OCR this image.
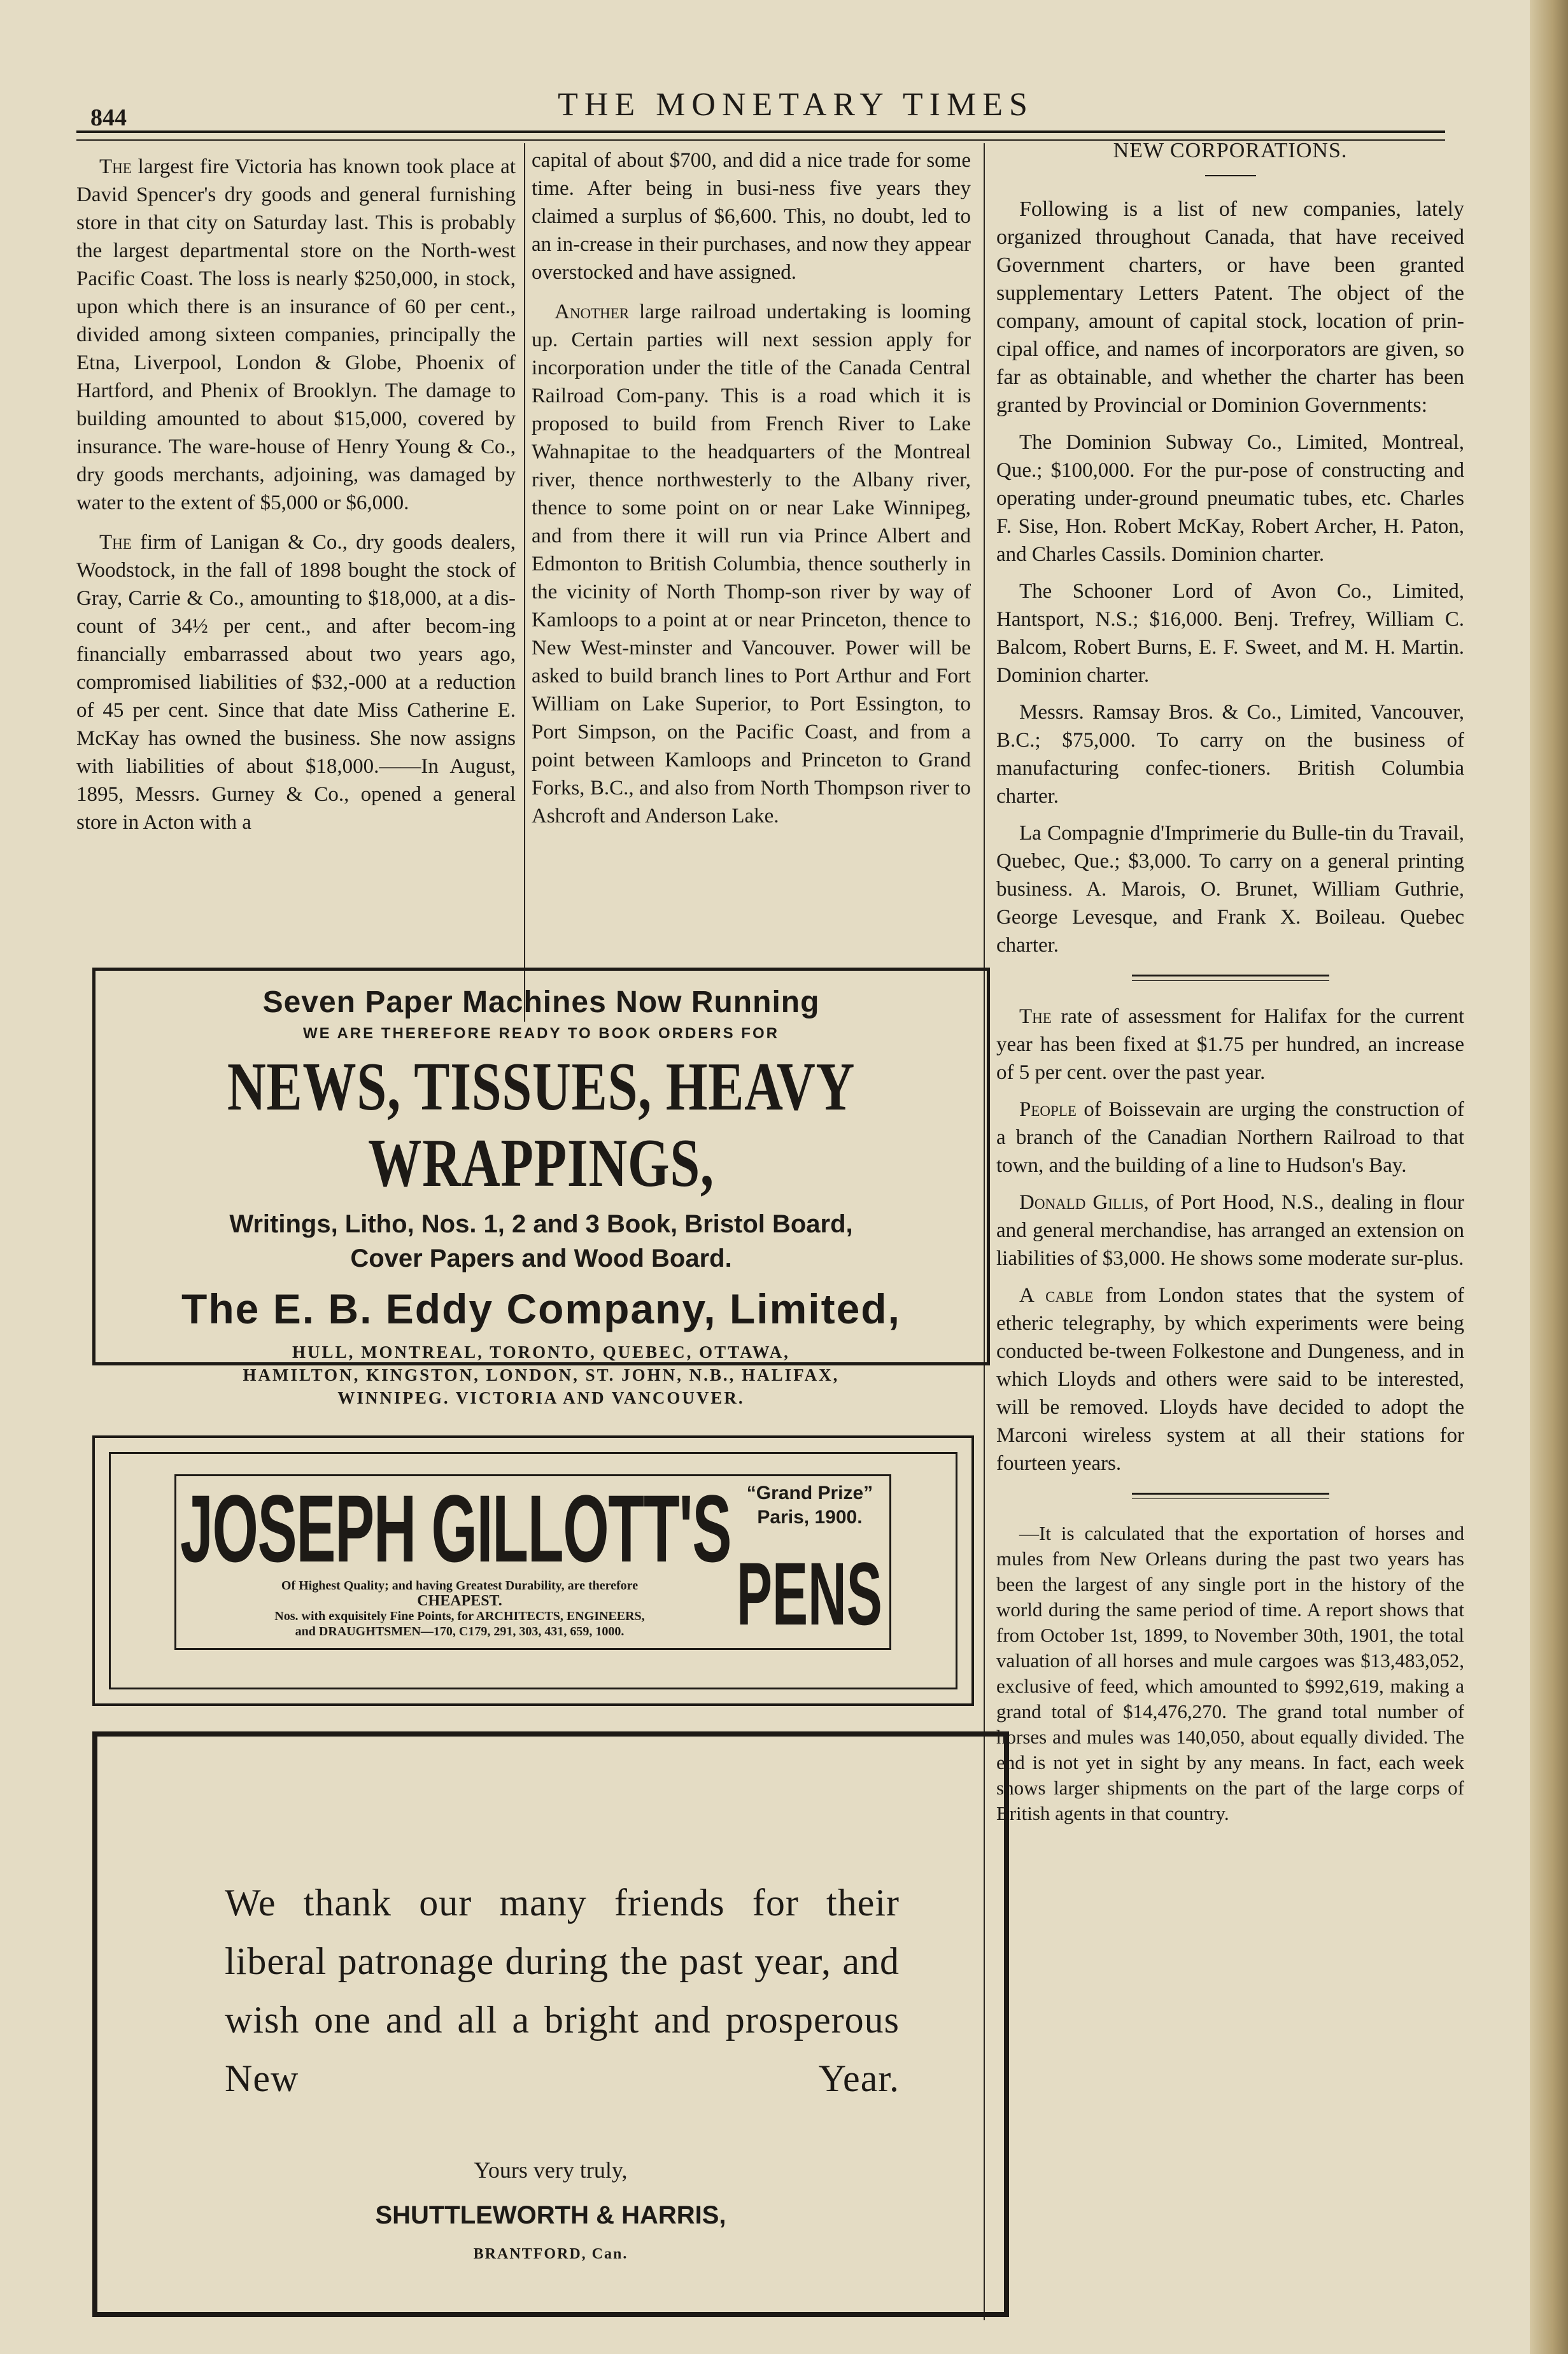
844	THE MONETARY TIMES

The largest fire Victoria has known took place at David Spencer's dry goods and general furnishing store in that city on Saturday last. This is probably the largest departmental store on the North-west Pacific Coast. The loss is nearly $250,000, in stock, upon which there is an insurance of 60 per cent., divided among sixteen companies, principally the Etna, Liverpool, London & Globe, Phoenix of Hartford, and Phenix of Brooklyn. The damage to building amounted to about $15,000, covered by insurance. The ware-house of Henry Young & Co., dry goods merchants, adjoining, was damaged by water to the extent of $5,000 or $6,000.

The firm of Lanigan & Co., dry goods dealers, Woodstock, in the fall of 1898 bought the stock of Gray, Carrie & Co., amounting to $18,000, at a dis-count of 34½ per cent., and after becom-ing financially embarrassed about two years ago, compromised liabilities of $32,-000 at a reduction of 45 per cent. Since that date Miss Catherine E. McKay has owned the business. She now assigns with liabilities of about $18,000.——In August, 1895, Messrs. Gurney & Co., opened a general store in Acton with a

capital of about $700, and did a nice trade for some time. After being in busi-ness five years they claimed a surplus of $6,600. This, no doubt, led to an in-crease in their purchases, and now they appear overstocked and have assigned.

Another large railroad undertaking is looming up. Certain parties will next session apply for incorporation under the title of the Canada Central Railroad Com-pany. This is a road which it is proposed to build from French River to Lake Wahnapitae to the headquarters of the Montreal river, thence northwesterly to the Albany river, thence to some point on or near Lake Winnipeg, and from there it will run via Prince Albert and Edmonton to British Columbia, thence southerly in the vicinity of North Thomp-son river by way of Kamloops to a point at or near Princeton, thence to New West-minster and Vancouver. Power will be asked to build branch lines to Port Arthur and Fort William on Lake Superior, to Port Essington, to Port Simpson, on the Pacific Coast, and from a point between Kamloops and Princeton to Grand Forks, B.C., and also from North Thompson river to Ashcroft and Anderson Lake.

NEW CORPORATIONS.

Following is a list of new companies, lately organized throughout Canada, that have received Government charters, or have been granted supplementary Letters Patent. The object of the company, amount of capital stock, location of prin-cipal office, and names of incorporators are given, so far as obtainable, and whether the charter has been granted by Provincial or Dominion Governments:

The Dominion Subway Co., Limited, Montreal, Que.; $100,000. For the pur-pose of constructing and operating under-ground pneumatic tubes, etc. Charles F. Sise, Hon. Robert McKay, Robert Archer, H. Paton, and Charles Cassils. Dominion charter.

The Schooner Lord of Avon Co., Limited, Hantsport, N.S.; $16,000. Benj. Trefrey, William C. Balcom, Robert Burns, E. F. Sweet, and M. H. Martin. Dominion charter.

Messrs. Ramsay Bros. & Co., Limited, Vancouver, B.C.; $75,000. To carry on the business of manufacturing confec-tioners. British Columbia charter.

La Compagnie d'Imprimerie du Bulle-tin du Travail, Quebec, Que.; $3,000. To carry on a general printing business. A. Marois, O. Brunet, William Guthrie, George Levesque, and Frank X. Boileau. Quebec charter.

The rate of assessment for Halifax for the current year has been fixed at $1.75 per hundred, an increase of 5 per cent. over the past year.

People of Boissevain are urging the construction of a branch of the Canadian Northern Railroad to that town, and the building of a line to Hudson's Bay.

Donald Gillis, of Port Hood, N.S., dealing in flour and general merchandise, has arranged an extension on liabilities of $3,000. He shows some moderate sur-plus.

A cable from London states that the system of etheric telegraphy, by which experiments were being conducted be-tween Folkestone and Dungeness, and in which Lloyds and others were said to be interested, will be removed. Lloyds have decided to adopt the Marconi wireless system at all their stations for fourteen years.

—It is calculated that the exportation of horses and mules from New Orleans during the past two years has been the largest of any single port in the history of the world during the same period of time. A report shows that from October 1st, 1899, to November 30th, 1901, the total valuation of all horses and mule cargoes was $13,483,052, exclusive of feed, which amounted to $992,619, making a grand total of $14,476,270. The grand total number of horses and mules was 140,050, about equally divided. The end is not yet in sight by any means. In fact, each week shows larger shipments on the part of the large corps of British agents in that country.

Seven Paper Machines Now Running
WE ARE THEREFORE READY TO BOOK ORDERS FOR
NEWS, TISSUES, HEAVY WRAPPINGS,
Writings, Litho, Nos. 1, 2 and 3 Book, Bristol Board,
Cover Papers and Wood Board.
The E. B. Eddy Company, Limited,
HULL, MONTREAL, TORONTO, QUEBEC, OTTAWA,
HAMILTON, KINGSTON, LONDON, ST. JOHN, N.B., HALIFAX,
WINNIPEG. VICTORIA AND VANCOUVER.
JOSEPH GILLOTT'S “Grand Prize” Paris, 1900.
PENS
Of Highest Quality; and having Greatest Durability, are therefore
CHEAPEST.
Nos. with exquisitely Fine Points, for ARCHITECTS, ENGINEERS,
and DRAUGHTSMEN—170, C179, 291, 303, 431, 659, 1000.
We thank our many friends for their liberal patronage during the past year, and wish one and all a bright and prosperous New Year.
Yours very truly,
SHUTTLEWORTH & HARRIS,
BRANTFORD, Can.
